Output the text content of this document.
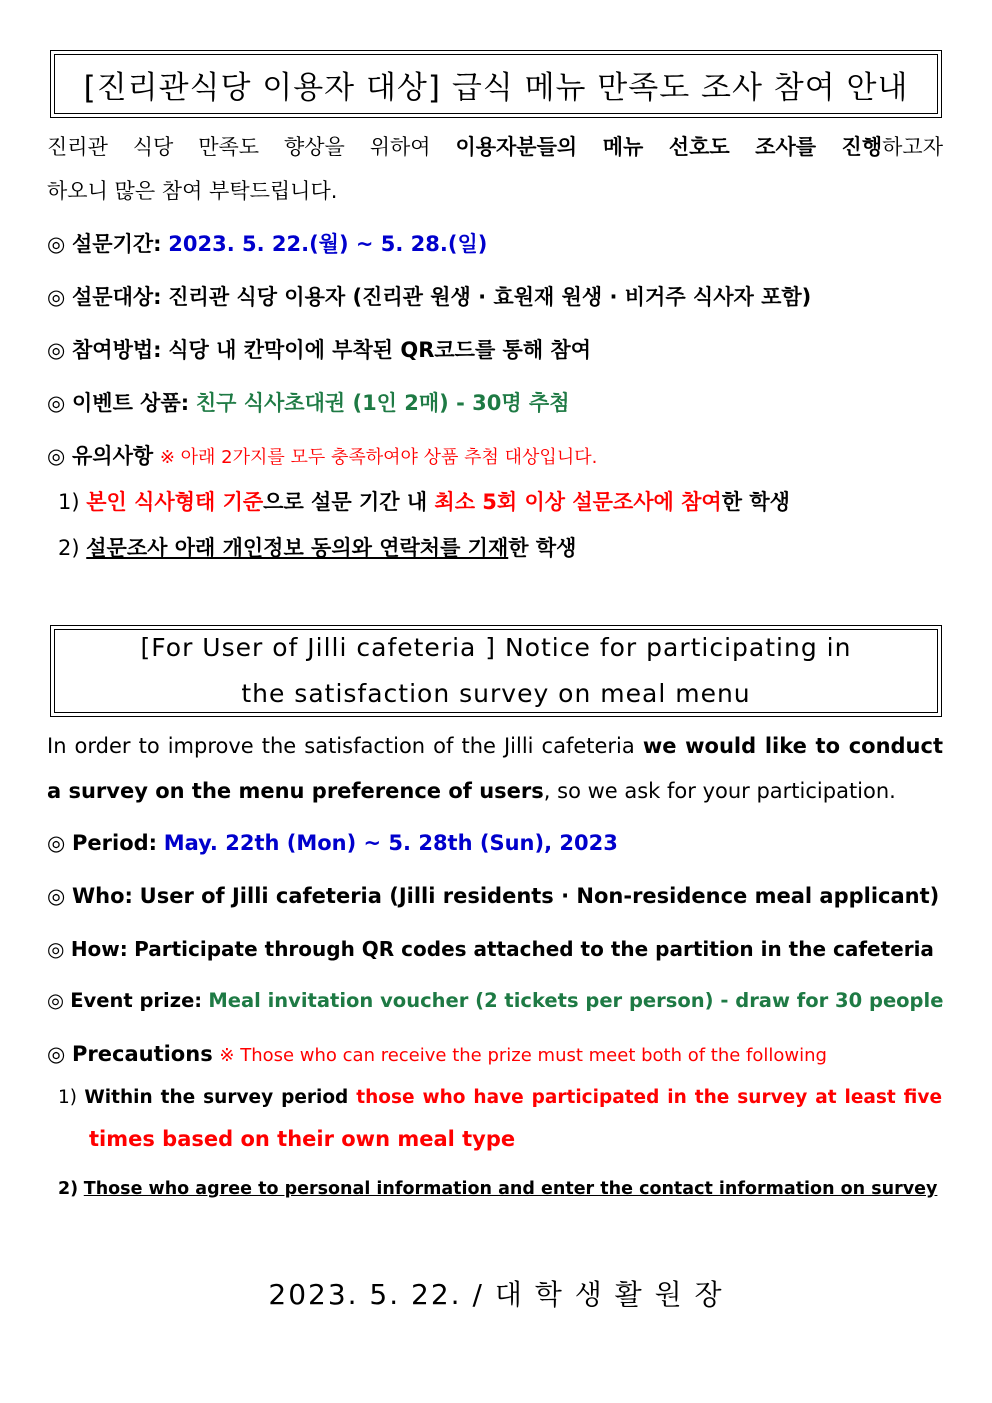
[진리관식당 이용자 대상] 급식 메뉴 만족도 조사 참여 안내
진리관 식당 만족도 향상을 위하여 이용자분들의 메뉴 선호도 조사를 진행하고자
하오니 많은 참여 부탁드립니다.
◎ 설문기간: 2023. 5. 22.(월) ~ 5. 28.(일)
◎ 설문대상: 진리관 식당 이용자 (진리관 원생 · 효원재 원생 · 비거주 식사자 포함)
◎ 참여방법: 식당 내 칸막이에 부착된 QR코드를 통해 참여
◎ 이벤트 상품: 친구 식사초대권 (1인 2매) - 30명 추첨
◎ 유의사항 ※ 아래 2가지를 모두 충족하여야 상품 추첨 대상입니다.
1) 본인 식사형태 기준으로 설문 기간 내 최소 5회 이상 설문조사에 참여한 학생
2) 설문조사 아래 개인정보 동의와 연락처를 기재한 학생
[For User of Jilli cafeteria ] Notice for participating in
the satisfaction survey on meal menu
In order to improve the satisfaction of the Jilli cafeteria we would like to conduct
a survey on the menu preference of users, so we ask for your participation.
◎ Period: May. 22th (Mon) ~ 5. 28th (Sun), 2023
◎ Who: User of Jilli cafeteria (Jilli residents · Non-residence meal applicant)
◎ How: Participate through QR codes attached to the partition in the cafeteria
◎ Event prize: Meal invitation voucher (2 tickets per person) - draw for 30 people
◎ Precautions ※ Those who can receive the prize must meet both of the following
1) Within the survey period those who have participated in the survey at least five
times based on their own meal type
2) Those who agree to personal information and enter the contact information on survey
2023. 5. 22. / 대 학 생 활 원 장
